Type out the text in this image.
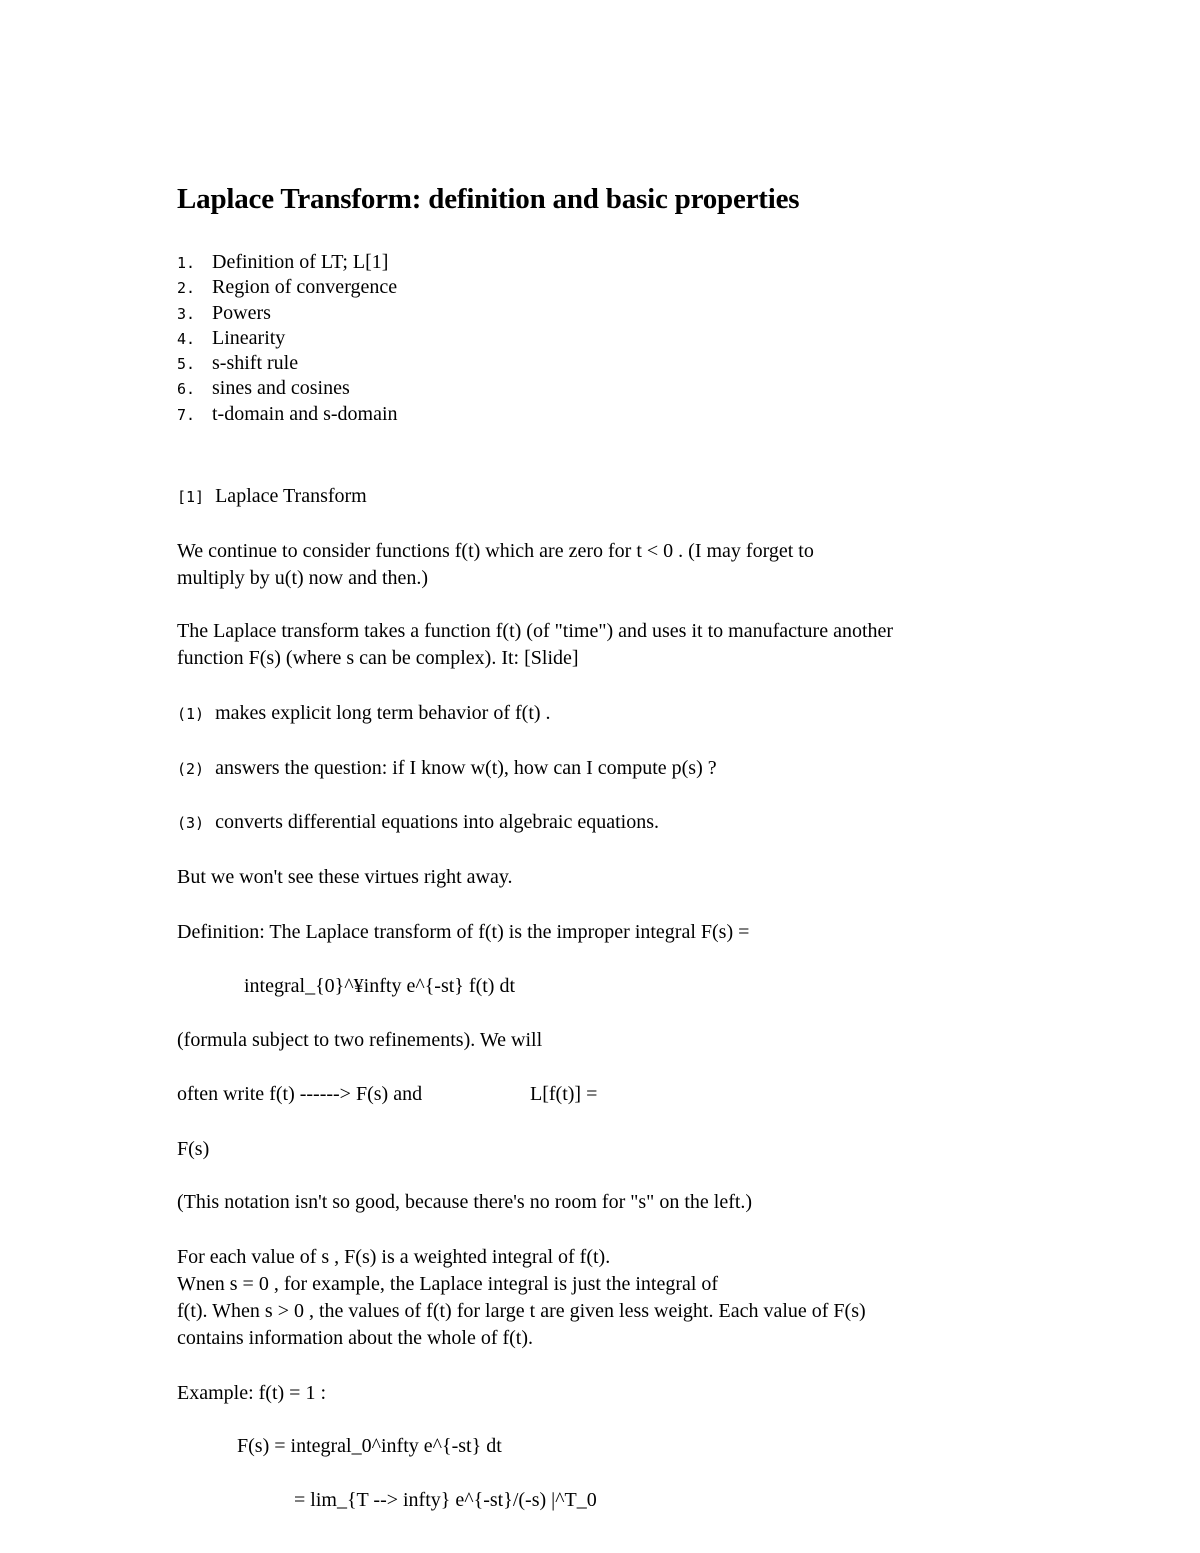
Laplace Transform: definition and basic properties
1. Definition of LT; L[1]
2. Region of convergence
3. Powers
4. Linearity
5. s-shift rule
6. sines and cosines
7. t-domain and s-domain
[1] Laplace Transform
We continue to consider functions f(t) which are zero for t < 0 . (I may forget to
multiply by u(t) now and then.)
The Laplace transform takes a function f(t) (of "time") and uses it to manufacture another
function F(s) (where s can be complex). It: [Slide]
(1) makes explicit long term behavior of f(t) .
(2) answers the question: if I know w(t), how can I compute p(s) ?
(3) converts differential equations into algebraic equations.
But we won't see these virtues right away.
Definition: The Laplace transform of f(t) is the improper integral F(s) =
integral_{0}^¥infty e^{-st} f(t) dt
(formula subject to two refinements). We will
often write f(t) ------> F(s) and	L[f(t)] =
F(s)
(This notation isn't so good, because there's no room for "s" on the left.)
For each value of s , F(s) is a weighted integral of f(t).
Wnen s = 0 , for example, the Laplace integral is just the integral of
f(t). When s > 0 , the values of f(t) for large t are given less weight. Each value of F(s)
contains information about the whole of f(t).
Example: f(t) = 1 :
F(s) = integral_0^infty e^{-st} dt
= lim_{T --> infty} e^{-st}/(-s) |^T_0
